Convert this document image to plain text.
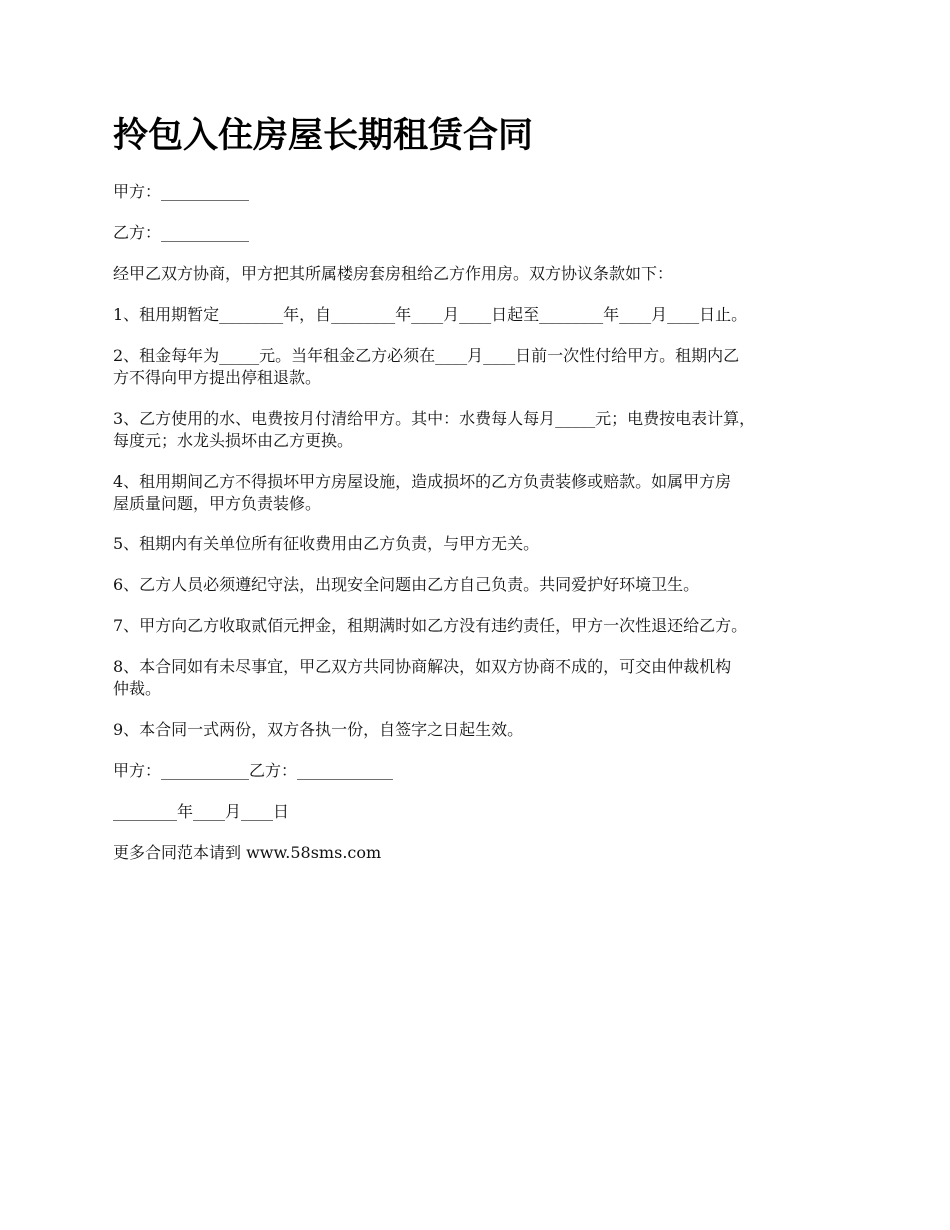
拎包入住房屋长期租赁合同

甲方：___________

乙方：___________

经甲乙双方协商，甲方把其所属楼房套房租给乙方作用房。双方协议条款如下：

1、租用期暂定________年，自________年____月____日起至________年____月____日止。

2、租金每年为_____元。当年租金乙方必须在____月____日前一次性付给甲方。租期内乙
方不得向甲方提出停租退款。

3、乙方使用的水、电费按月付清给甲方。其中：水费每人每月_____元；电费按电表计算，
每度元；水龙头损坏由乙方更换。

4、租用期间乙方不得损坏甲方房屋设施，造成损坏的乙方负责装修或赔款。如属甲方房
屋质量问题，甲方负责装修。

5、租期内有关单位所有征收费用由乙方负责，与甲方无关。

6、乙方人员必须遵纪守法，出现安全问题由乙方自己负责。共同爱护好环境卫生。

7、甲方向乙方收取贰佰元押金，租期满时如乙方没有违约责任，甲方一次性退还给乙方。

8、本合同如有未尽事宜，甲乙双方共同协商解决，如双方协商不成的，可交由仲裁机构
仲裁。

9、本合同一式两份，双方各执一份，自签字之日起生效。

甲方：___________乙方：____________

________年____月____日

更多合同范本请到 www.58sms.com
